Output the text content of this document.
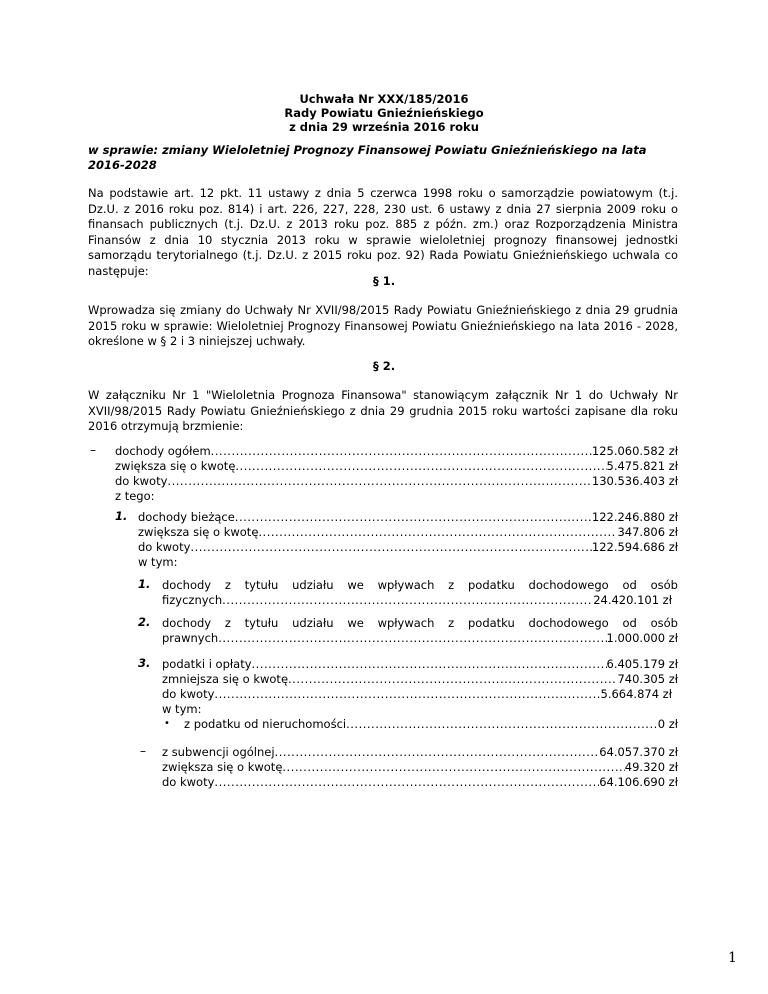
Uchwała Nr XXX/185/2016
Rady Powiatu Gnieźnieńskiego
z dnia 29 września 2016 roku
w sprawie: zmiany Wieloletniej Prognozy Finansowej Powiatu Gnieźnieńskiego na lata 2016-2028
Na podstawie art. 12 pkt. 11 ustawy z dnia 5 czerwca 1998 roku o samorządzie powiatowym (t.j. Dz.U. z 2016 roku poz. 814) i art. 226, 227, 228, 230 ust. 6 ustawy z dnia 27 sierpnia 2009 roku o finansach publicznych (t.j. Dz.U. z 2013 roku poz. 885 z późn. zm.) oraz Rozporządzenia Ministra Finansów z dnia 10 stycznia 2013 roku w sprawie wieloletniej prognozy finansowej jednostki samorządu terytorialnego (t.j. Dz.U. z 2015 roku poz. 92) Rada Powiatu Gnieźnieńskiego uchwala co następuje:
§ 1.
Wprowadza się zmiany do Uchwały Nr XVII/98/2015 Rady Powiatu Gnieźnieńskiego z dnia 29 grudnia 2015 roku w sprawie: Wieloletniej Prognozy Finansowej Powiatu Gnieźnieńskiego na lata 2016 - 2028, określone w § 2 i 3 niniejszej uchwały.
§ 2.
W załączniku Nr 1 "Wieloletnia Prognoza Finansowa" stanowiącym załącznik Nr 1 do Uchwały Nr XVII/98/2015 Rady Powiatu Gnieźnieńskiego z dnia 29 grudnia 2015 roku wartości zapisane dla roku 2016 otrzymują brzmienie:
– dochody ogółem .....	125.060.582 zł
zwiększa się o kwotę .....	5.475.821 zł
do kwoty .....	130.536.403 zł
z tego:
1. dochody bieżące .....	122.246.880 zł
zwiększa się o kwotę .....	347.806 zł
do kwoty .....	122.594.686 zł
w tym:
1. dochody z tytułu udziału we wpływach z podatku dochodowego od osób
fizycznych .....	24.420.101 zł
2. dochody z tytułu udziału we wpływach z podatku dochodowego od osób
prawnych .....	1.000.000 zł
3. podatki i opłaty .....	6.405.179 zł
zmniejsza się o kwotę .....	740.305 zł
do kwoty .....	5.664.874 zł
w tym:
• z podatku od nieruchomości .....	0 zł
– z subwencji ogólnej .....	64.057.370 zł
zwiększa się o kwotę .....	49.320 zł
do kwoty .....	64.106.690 zł
1
